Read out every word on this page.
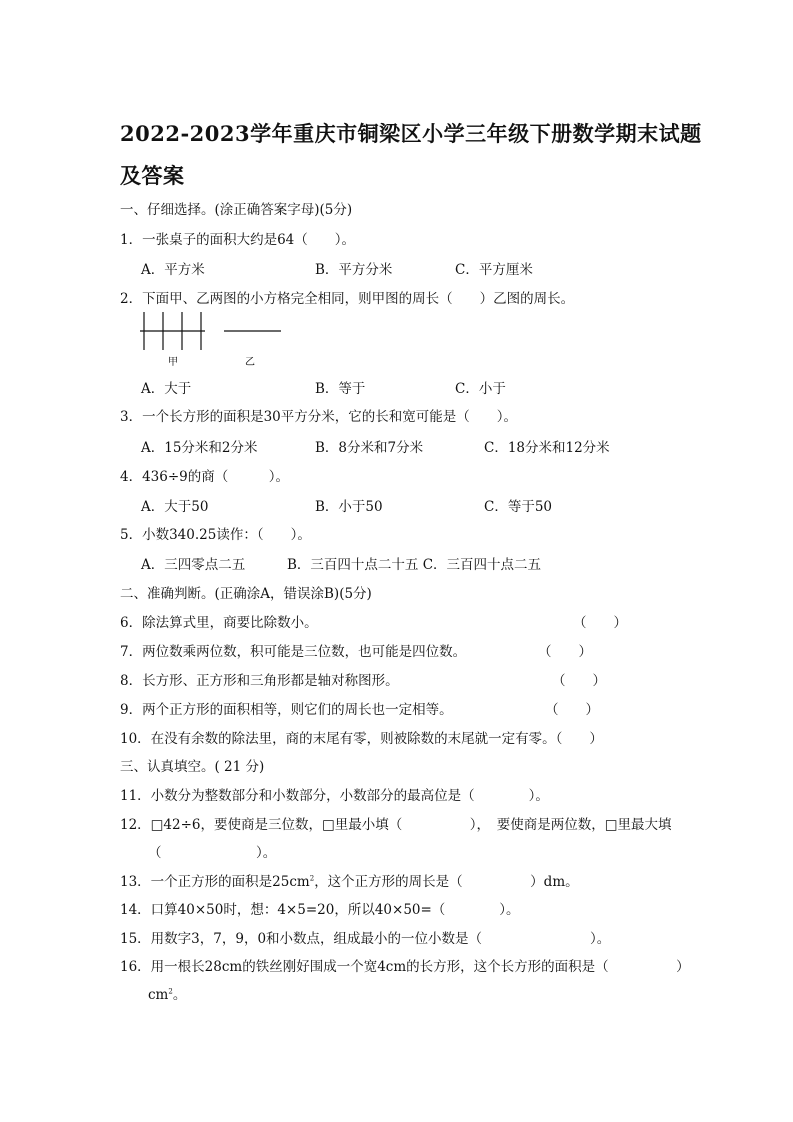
2022-2023学年重庆市铜梁区小学三年级下册数学期末试题
及答案
一、仔细选择。(涂正确答案字母)(5分)
1．一张桌子的面积大约是64（　　）。
A．平方米	B．平方分米	C．平方厘米
2．下面甲、乙两图的小方格完全相同，则甲图的周长（　　）乙图的周长。
甲	乙
A．大于	B．等于	C．小于
3．一个长方形的面积是30平方分米，它的长和宽可能是（　　）。
A．15分米和2分米	B．8分米和7分米	C．18分米和12分米
4．436÷9的商（　　　）。
A．大于50	B．小于50	C．等于50
5．小数340.25读作：（　　）。
A．三四零点二五	B．三百四十点二十五 C．三百四十点二五
二、准确判断。(正确涂A，错误涂B)(5分)
6．除法算式里，商要比除数小。	（　　）
7．两位数乘两位数，积可能是三位数，也可能是四位数。	（　　）
8．长方形、正方形和三角形都是轴对称图形。	（　　）
9．两个正方形的面积相等，则它们的周长也一定相等。	（　　）
10．在没有余数的除法里，商的末尾有零，则被除数的末尾就一定有零。（　　）
三、认真填空。( 21 分)
11．小数分为整数部分和小数部分，小数部分的最高位是（　　　　）。
12．□42÷6，要使商是三位数，□里最小填（　　　　　），　要使商是两位数，□里最大填
（　　　　　　　）。
13．一个正方形的面积是$25cm^2$，这个正方形的周长是（　　　　　）dm。
14．口算40×50时，想：4×5=20，所以40×50=（　　　　）。
15．用数字3，7，9，0和小数点，组成最小的一位小数是（　　　　　　　　）。
16．用一根长28cm的铁丝刚好围成一个宽4cm的长方形，这个长方形的面积是（　　　　　）
$cm^2$。
